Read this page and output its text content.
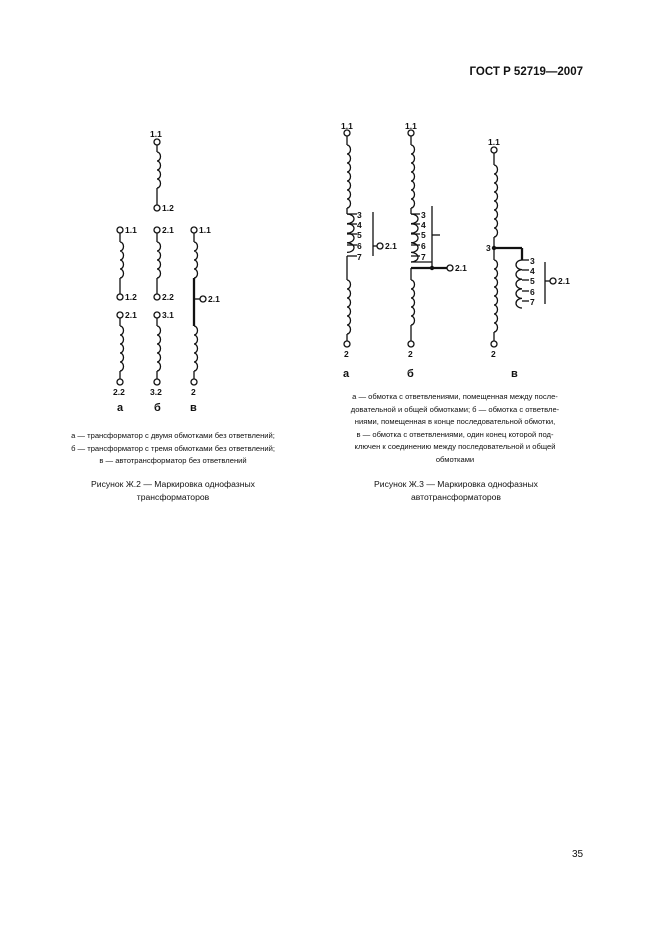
ГОСТ Р 52719—2007
1.1
1.2
1.1
1.2
2.1
2.2
2.1
2.2
3.1
3.2
1.1
2.1
2
а	б	в
1.1
3
4
5
6
7
2.1
2
а
1.1
3
4
5
6
7
2.1
2
б
1.1
3
3
4
5
6
7
2.1
2
в
а — трансформатор с двумя обмотками без ответвлений;
б — трансформатор с тремя обмотками без ответвлений;
в — автотрансформатор без ответвлений
Рисунок Ж.2 — Маркировка однофазных
трансформаторов
а — обмотка с ответвлениями, помещенная между после-
довательной и общей обмотками; б — обмотка с ответвле-
ниями, помещенная в конце последовательной обмотки,
в — обмотка с ответвлениями, один конец которой под-
ключен к соединению между последовательной и общей
обмотками
Рисунок Ж.3 — Маркировка однофазных
автотрансформаторов
35
